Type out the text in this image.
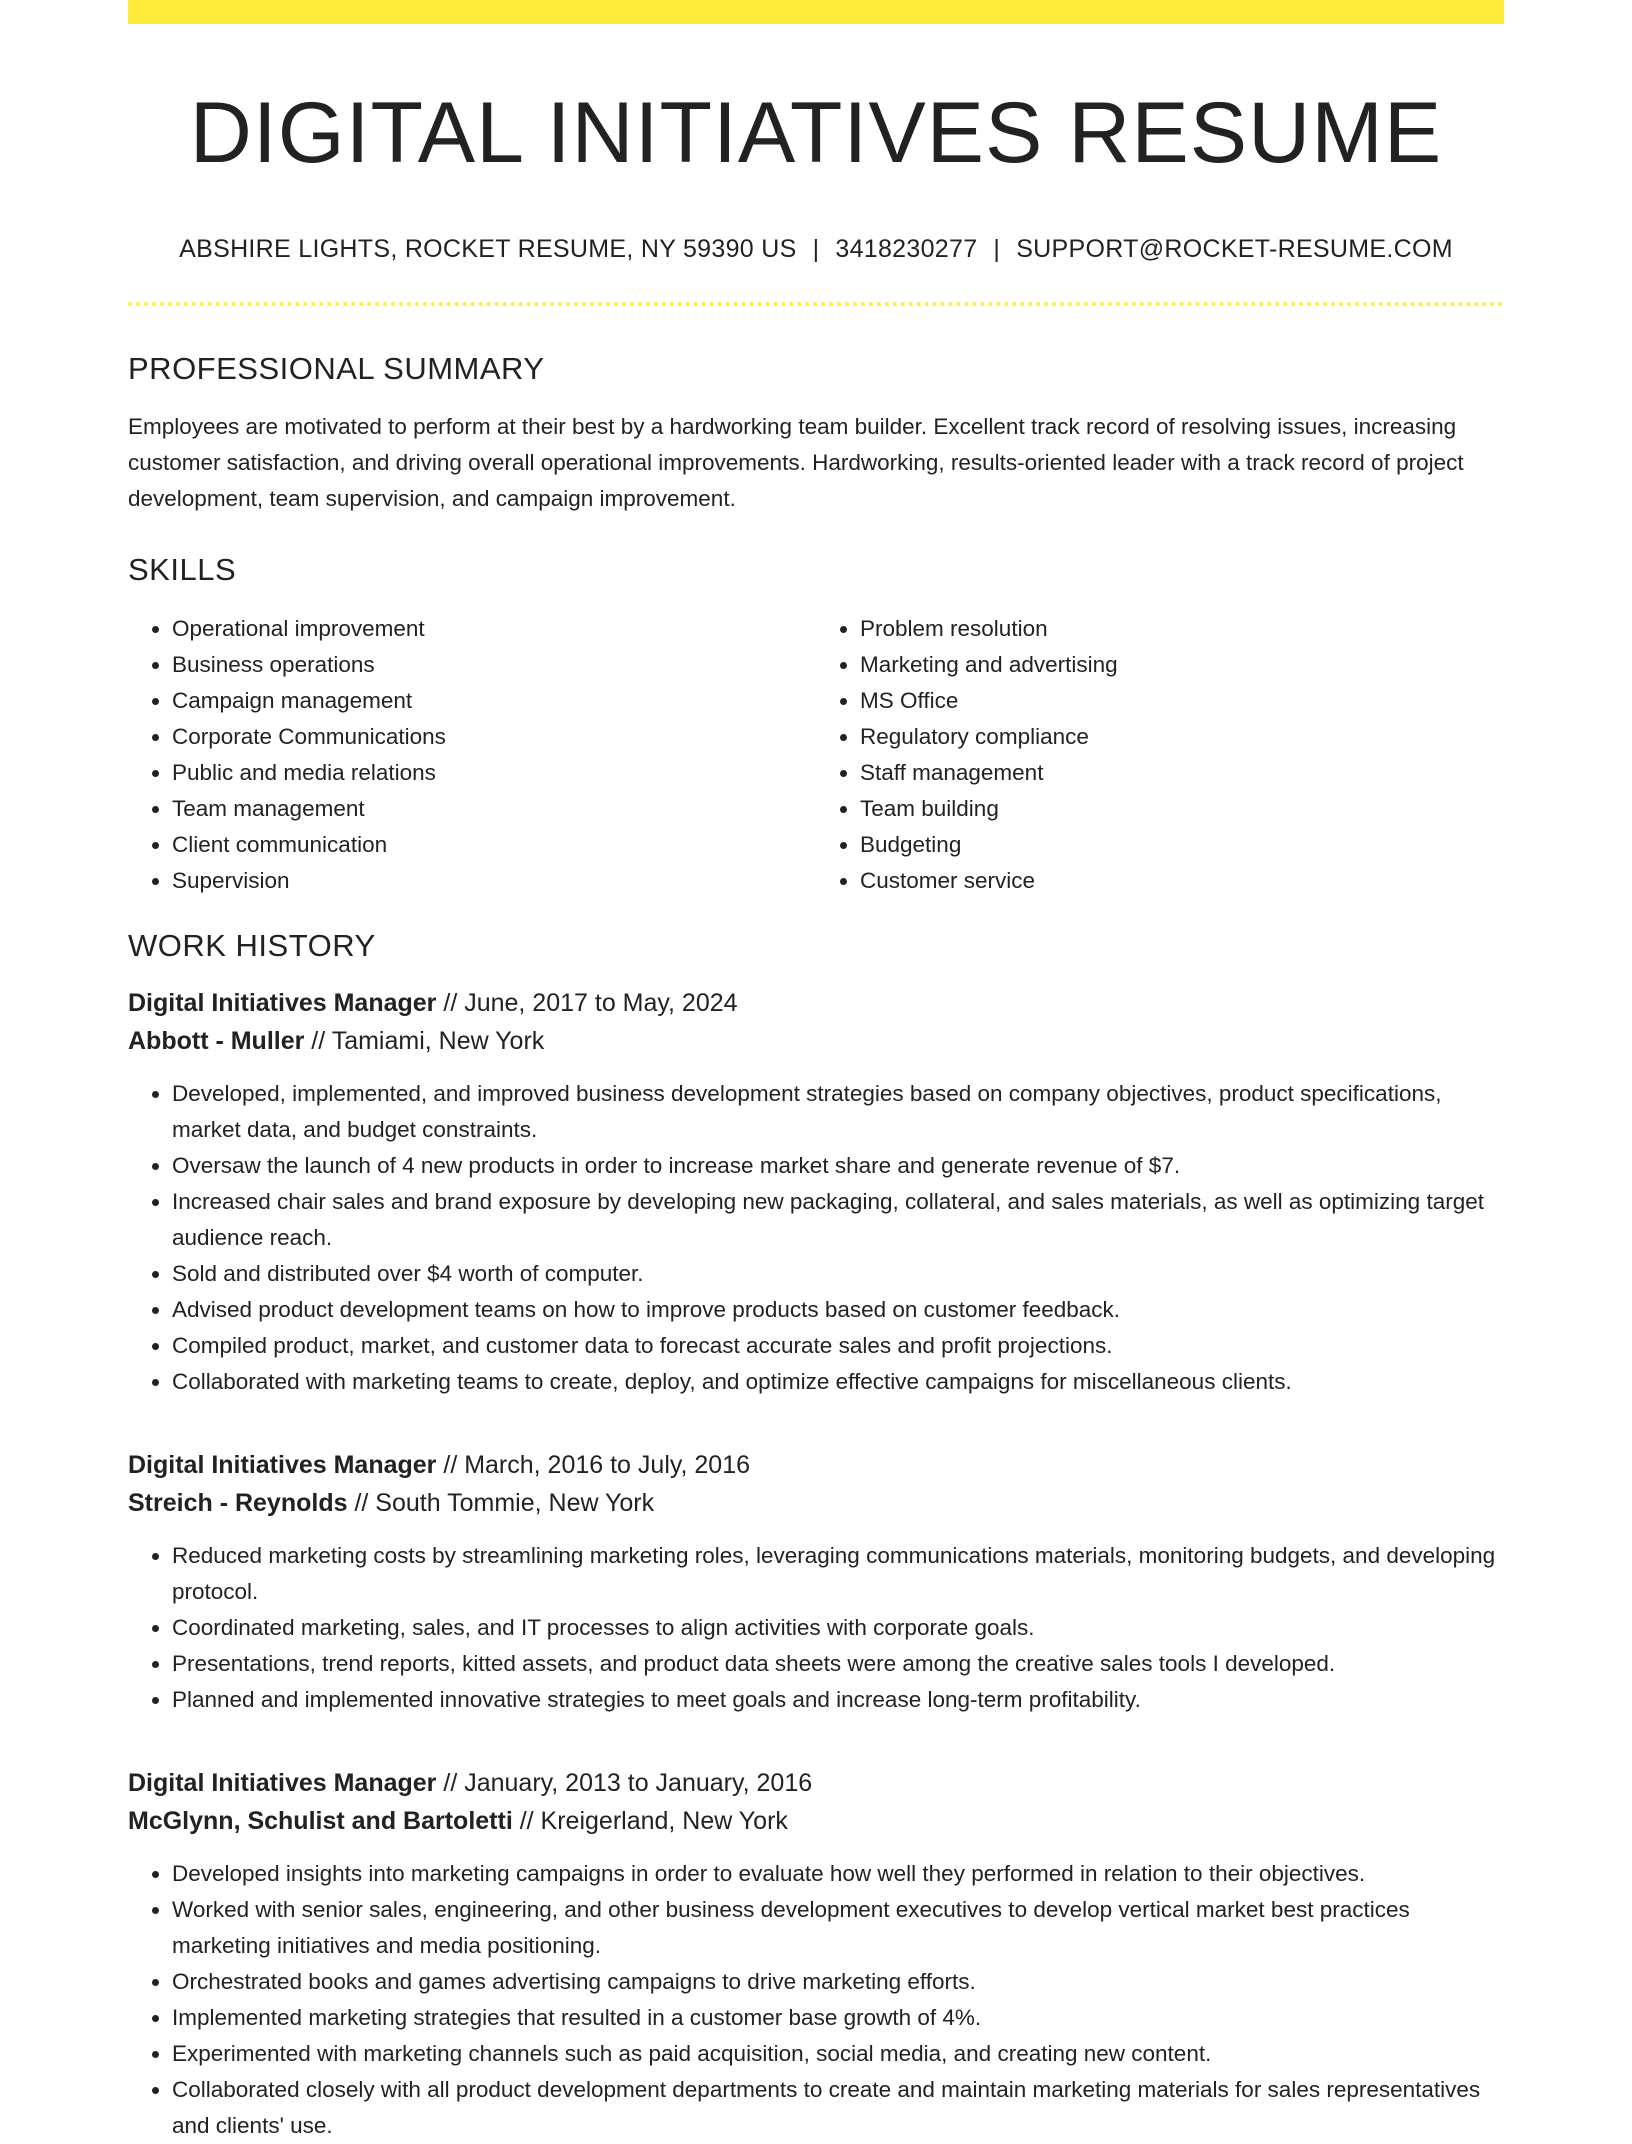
DIGITAL INITIATIVES RESUME
ABSHIRE LIGHTS, ROCKET RESUME, NY 59390 US | 3418230277 | SUPPORT@ROCKET-RESUME.COM
PROFESSIONAL SUMMARY
Employees are motivated to perform at their best by a hardworking team builder. Excellent track record of resolving issues, increasing customer satisfaction, and driving overall operational improvements. Hardworking, results-oriented leader with a track record of project development, team supervision, and campaign improvement.
SKILLS
• Operational improvement
• Business operations
• Campaign management
• Corporate Communications
• Public and media relations
• Team management
• Client communication
• Supervision
• Problem resolution
• Marketing and advertising
• MS Office
• Regulatory compliance
• Staff management
• Team building
• Budgeting
• Customer service
WORK HISTORY
Digital Initiatives Manager // June, 2017 to May, 2024
Abbott - Muller // Tamiami, New York
• Developed, implemented, and improved business development strategies based on company objectives, product specifications, market data, and budget constraints.
• Oversaw the launch of 4 new products in order to increase market share and generate revenue of $7.
• Increased chair sales and brand exposure by developing new packaging, collateral, and sales materials, as well as optimizing target audience reach.
• Sold and distributed over $4 worth of computer.
• Advised product development teams on how to improve products based on customer feedback.
• Compiled product, market, and customer data to forecast accurate sales and profit projections.
• Collaborated with marketing teams to create, deploy, and optimize effective campaigns for miscellaneous clients.
Digital Initiatives Manager // March, 2016 to July, 2016
Streich - Reynolds // South Tommie, New York
• Reduced marketing costs by streamlining marketing roles, leveraging communications materials, monitoring budgets, and developing protocol.
• Coordinated marketing, sales, and IT processes to align activities with corporate goals.
• Presentations, trend reports, kitted assets, and product data sheets were among the creative sales tools I developed.
• Planned and implemented innovative strategies to meet goals and increase long-term profitability.
Digital Initiatives Manager // January, 2013 to January, 2016
McGlynn, Schulist and Bartoletti // Kreigerland, New York
• Developed insights into marketing campaigns in order to evaluate how well they performed in relation to their objectives.
• Worked with senior sales, engineering, and other business development executives to develop vertical market best practices marketing initiatives and media positioning.
• Orchestrated books and games advertising campaigns to drive marketing efforts.
• Implemented marketing strategies that resulted in a customer base growth of 4%.
• Experimented with marketing channels such as paid acquisition, social media, and creating new content.
• Collaborated closely with all product development departments to create and maintain marketing materials for sales representatives and clients' use.
